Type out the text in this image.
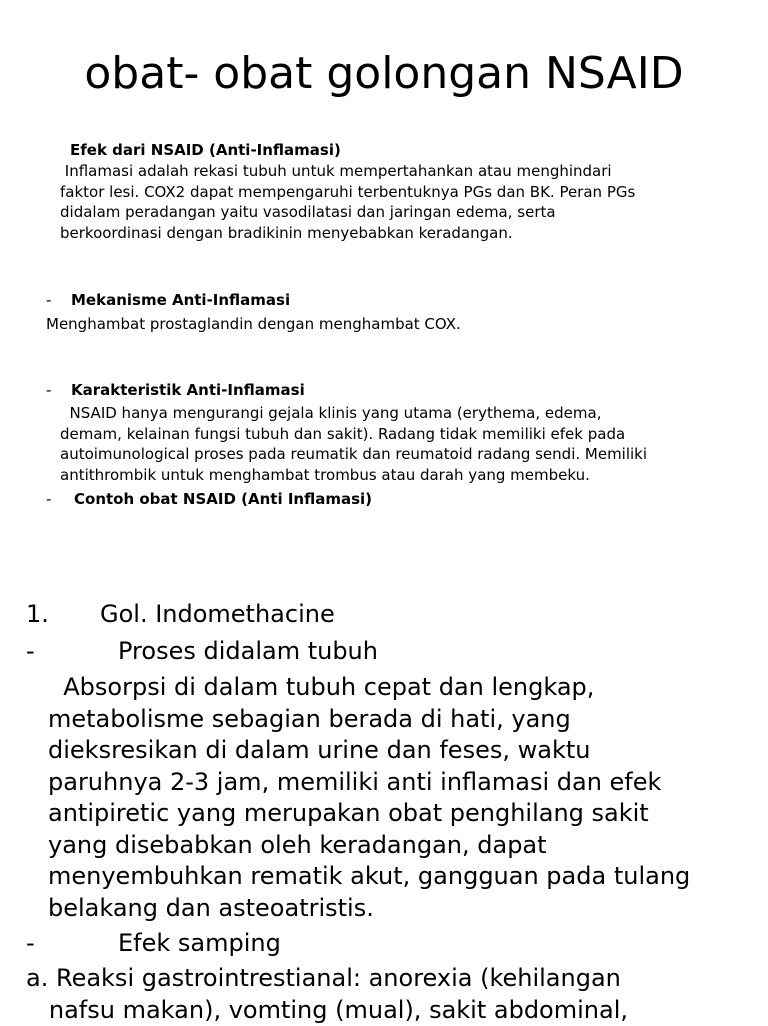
obat- obat golongan NSAID
Efek dari NSAID (Anti-Inflamasi)
Inflamasi adalah rekasi tubuh untuk mempertahankan atau menghindari
faktor lesi. COX2 dapat mempengaruhi terbentuknya PGs dan BK. Peran PGs
didalam peradangan yaitu vasodilatasi dan jaringan edema, serta
berkoordinasi dengan bradikinin menyebabkan keradangan.
- Mekanisme Anti-Inflamasi
Menghambat prostaglandin dengan menghambat COX.
- Karakteristik Anti-Inflamasi
NSAID hanya mengurangi gejala klinis yang utama (erythema, edema,
demam, kelainan fungsi tubuh dan sakit). Radang tidak memiliki efek pada
autoimunological proses pada reumatik dan reumatoid radang sendi. Memiliki
antithrombik untuk menghambat trombus atau darah yang membeku.
- Contoh obat NSAID (Anti Inflamasi)
1. Gol. Indomethacine
-	Proses didalam tubuh
Absorpsi di dalam tubuh cepat dan lengkap,
metabolisme sebagian berada di hati, yang
dieksresikan di dalam urine dan feses, waktu
paruhnya 2-3 jam, memiliki anti inflamasi dan efek
antipiretic yang merupakan obat penghilang sakit
yang disebabkan oleh keradangan, dapat
menyembuhkan rematik akut, gangguan pada tulang
belakang dan asteoatristis.
-	Efek samping
a. Reaksi gastrointrestianal: anorexia (kehilangan
nafsu makan), vomting (mual), sakit abdominal,
